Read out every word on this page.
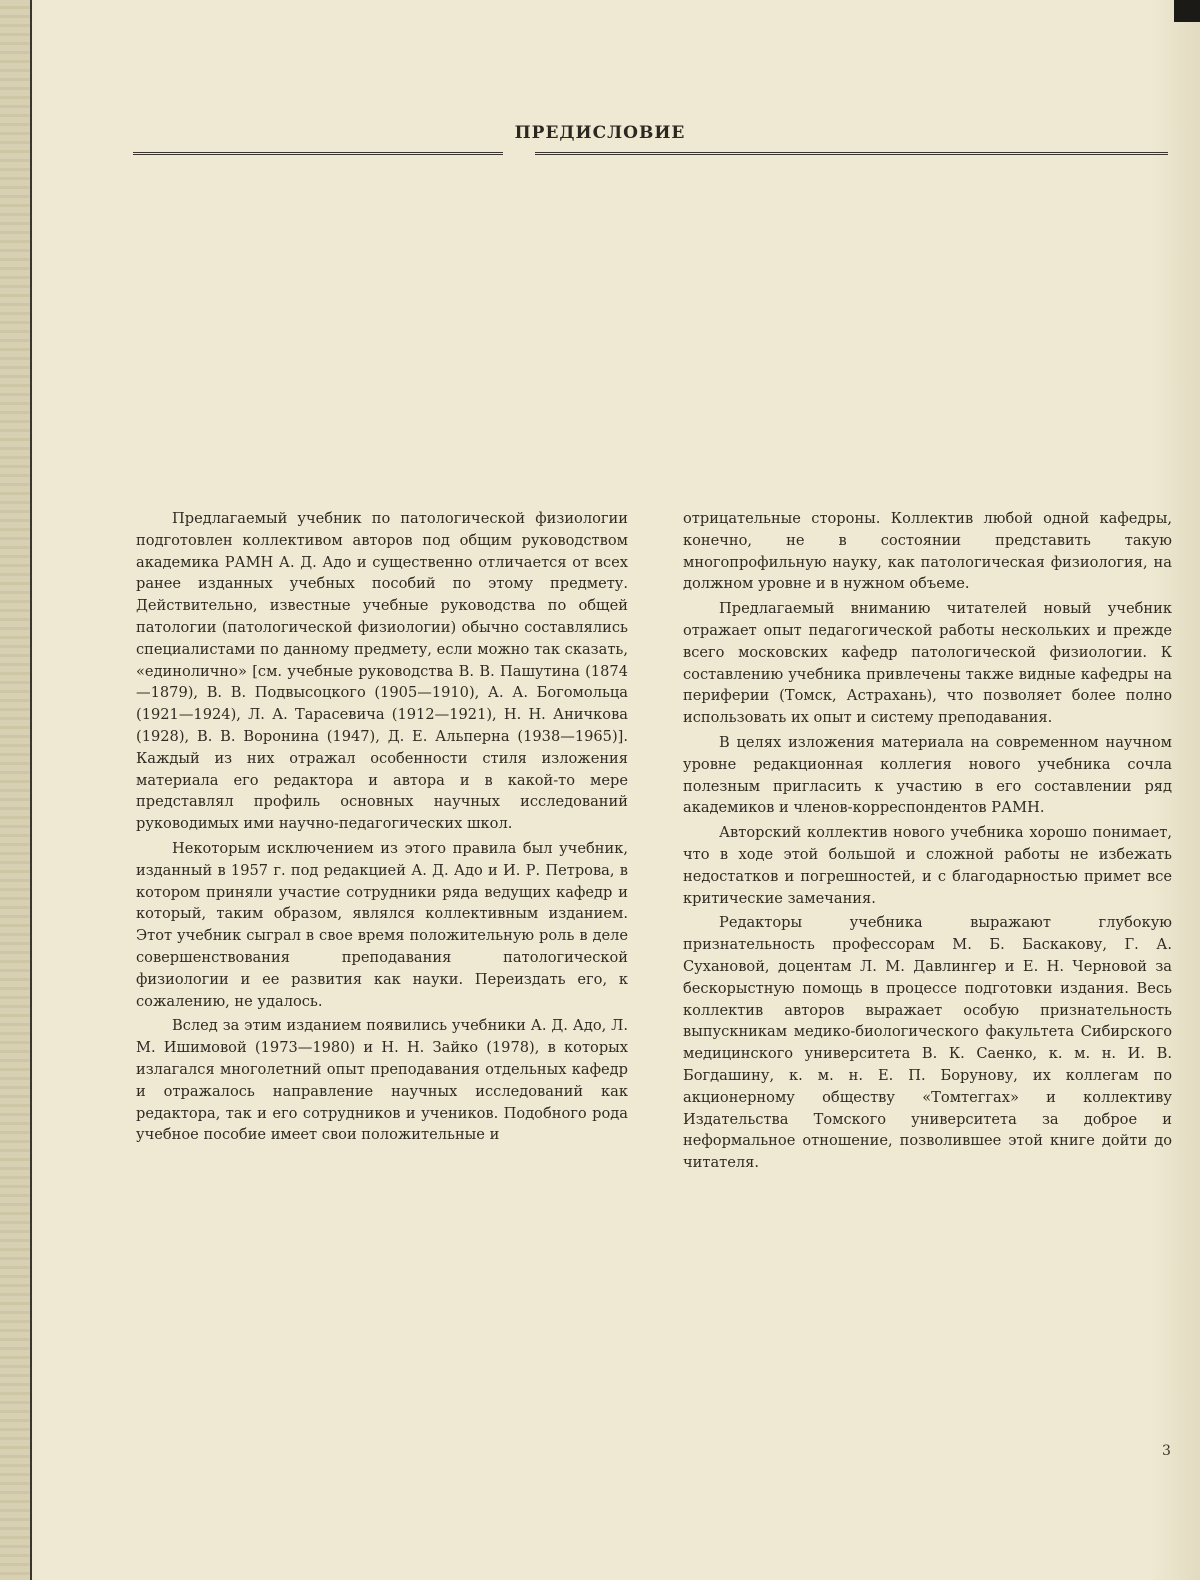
ПРЕДИСЛОВИЕ

Предлагаемый учебник по патологической физиологии подготовлен коллективом авторов под общим руководством академика РАМН А. Д. Адо и существенно отличается от всех ранее изданных учебных пособий по этому предмету. Действительно, известные учебные руководства по общей патологии (патологической физиологии) обычно составлялись специалистами по данному предмету, если можно так сказать, «единолично» [см. учебные руководства В. В. Пашутина (1874—1879), В. В. Подвысоцкого (1905—1910), А. А. Богомольца (1921—1924), Л. А. Тарасевича (1912—1921), Н. Н. Аничкова (1928), В. В. Воронина (1947), Д. Е. Альперна (1938—1965)]. Каждый из них отражал особенности стиля изложения материала его редактора и автора и в какой-то мере представлял профиль основных научных исследований руководимых ими научно-педагогических школ.

Некоторым исключением из этого правила был учебник, изданный в 1957 г. под редакцией А. Д. Адо и И. Р. Петрова, в котором приняли участие сотрудники ряда ведущих кафедр и который, таким образом, являлся коллективным изданием. Этот учебник сыграл в свое время положительную роль в деле совершенствования преподавания патологической физиологии и ее развития как науки. Переиздать его, к сожалению, не удалось.

Вслед за этим изданием появились учебники А. Д. Адо, Л. М. Ишимовой (1973—1980) и Н. Н. Зайко (1978), в которых излагался многолетний опыт преподавания отдельных кафедр и отражалось направление научных исследований как редактора, так и его сотрудников и учеников. Подобного рода учебное пособие имеет свои положительные и

отрицательные стороны. Коллектив любой одной кафедры, конечно, не в состоянии представить такую многопрофильную науку, как патологическая физиология, на должном уровне и в нужном объеме.

Предлагаемый вниманию читателей новый учебник отражает опыт педагогической работы нескольких и прежде всего московских кафедр патологической физиологии. К составлению учебника привлечены также видные кафедры на периферии (Томск, Астрахань), что позволяет более полно использовать их опыт и систему преподавания.

В целях изложения материала на современном научном уровне редакционная коллегия нового учебника сочла полезным пригласить к участию в его составлении ряд академиков и членов-корреспондентов РАМН.

Авторский коллектив нового учебника хорошо понимает, что в ходе этой большой и сложной работы не избежать недостатков и погрешностей, и с благодарностью примет все критические замечания.

Редакторы учебника выражают глубокую признательность профессорам М. Б. Баскакову, Г. А. Сухановой, доцентам Л. М. Давлингер и Е. Н. Черновой за бескорыстную помощь в процессе подготовки издания. Весь коллектив авторов выражает особую признательность выпускникам медико-биологического факультета Сибирского медицинского университета В. К. Саенко, к. м. н. И. В. Богдашину, к. м. н. Е. П. Борунову, их коллегам по акционерному обществу «Томтеггах» и коллективу Издательства Томского университета за доброе и неформальное отношение, позволившее этой книге дойти до читателя.

3
